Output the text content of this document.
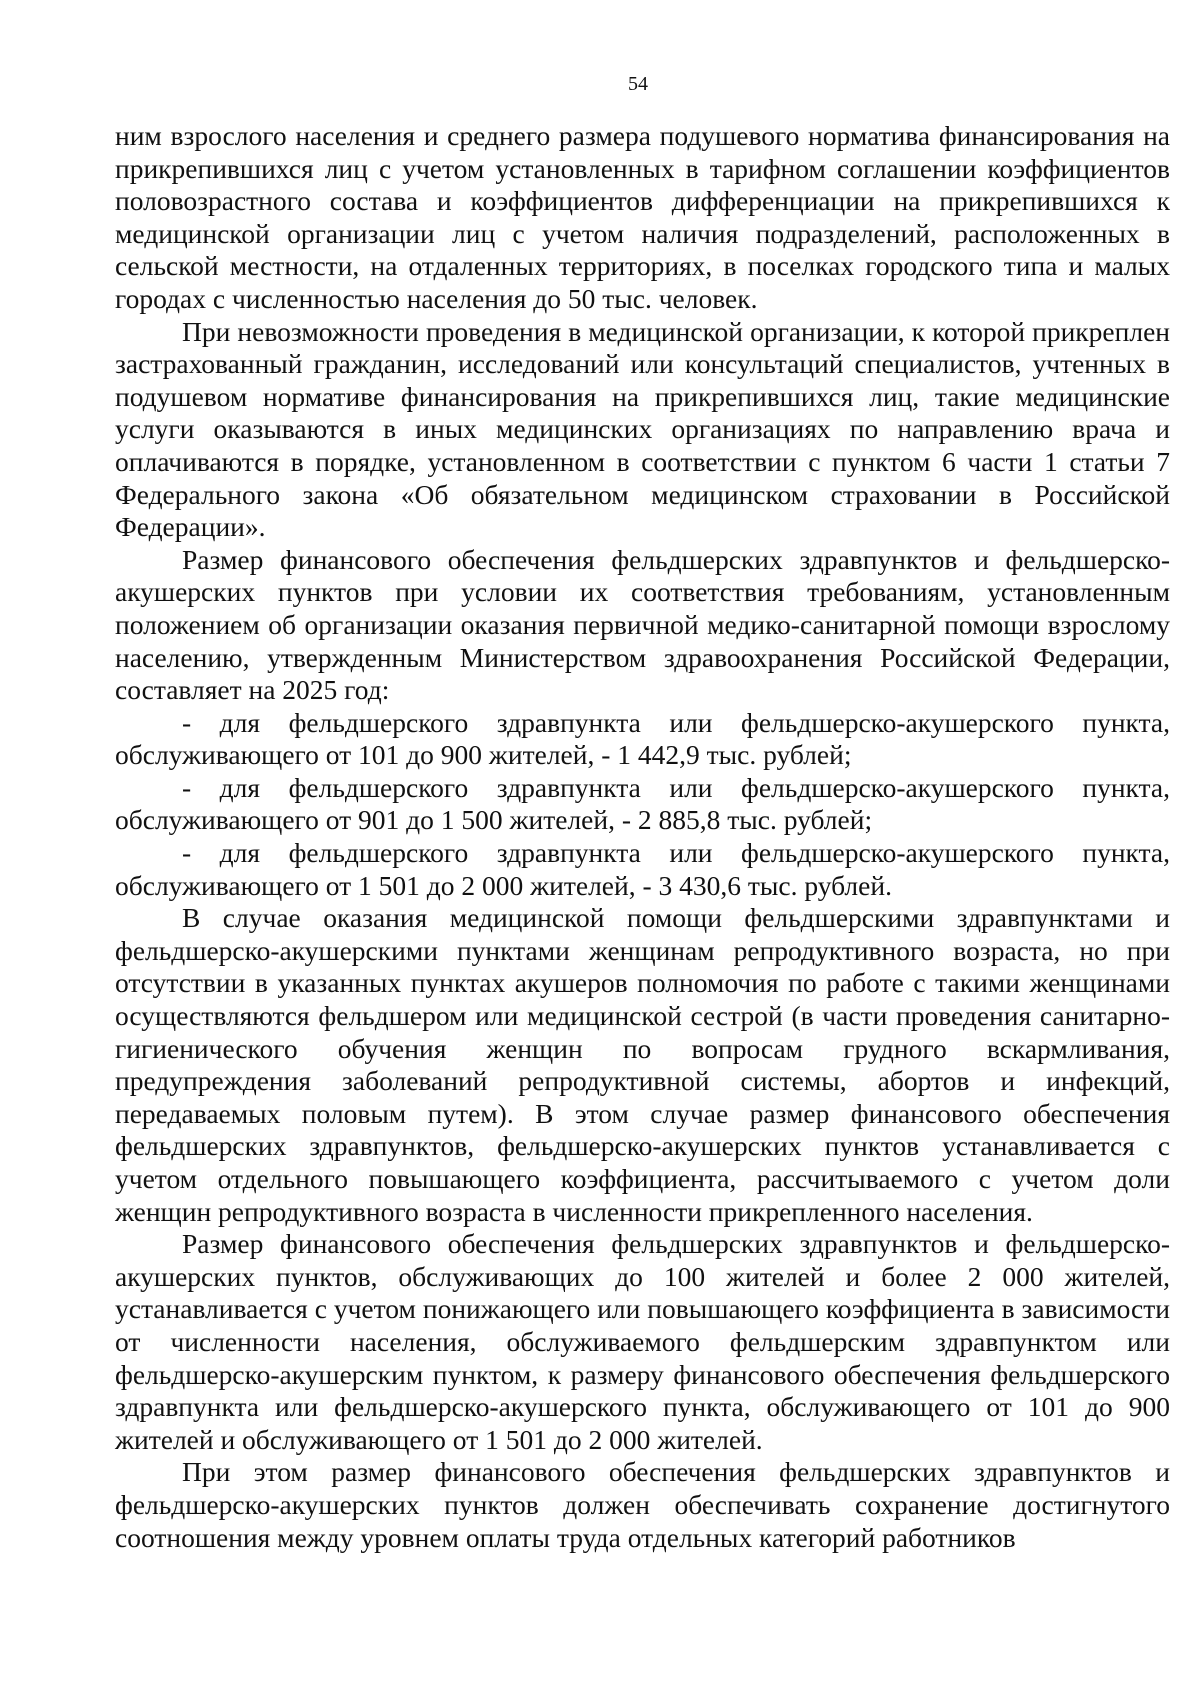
54

ним взрослого населения и среднего размера подушевого норматива финансирования на прикрепившихся лиц с учетом установленных в тарифном соглашении коэффициентов половозрастного состава и коэффициентов дифференциации на прикрепившихся к медицинской организации лиц с учетом наличия подразделений, расположенных в сельской местности, на отдаленных территориях, в поселках городского типа и малых городах с численностью населения до 50 тыс. человек.

При невозможности проведения в медицинской организации, к которой прикреплен застрахованный гражданин, исследований или консультаций специалистов, учтенных в подушевом нормативе финансирования на прикрепившихся лиц, такие медицинские услуги оказываются в иных медицинских организациях по направлению врача и оплачиваются в порядке, установленном в соответствии с пунктом 6 части 1 статьи 7 Федерального закона «Об обязательном медицинском страховании в Российской Федерации».

Размер финансового обеспечения фельдшерских здравпунктов и фельдшерско-акушерских пунктов при условии их соответствия требованиям, установленным положением об организации оказания первичной медико-санитарной помощи взрослому населению, утвержденным Министерством здравоохранения Российской Федерации, составляет на 2025 год:

- для фельдшерского здравпункта или фельдшерско-акушерского пункта, обслуживающего от 101 до 900 жителей, - 1 442,9 тыс. рублей;

- для фельдшерского здравпункта или фельдшерско-акушерского пункта, обслуживающего от 901 до 1 500 жителей, - 2 885,8 тыс. рублей;

- для фельдшерского здравпункта или фельдшерско-акушерского пункта, обслуживающего от 1 501 до 2 000 жителей, - 3 430,6 тыс. рублей.

В случае оказания медицинской помощи фельдшерскими здравпунктами и фельдшерско-акушерскими пунктами женщинам репродуктивного возраста, но при отсутствии в указанных пунктах акушеров полномочия по работе с такими женщинами осуществляются фельдшером или медицинской сестрой (в части проведения санитарно-гигиенического обучения женщин по вопросам грудного вскармливания, предупреждения заболеваний репродуктивной системы, абортов и инфекций, передаваемых половым путем). В этом случае размер финансового обеспечения фельдшерских здравпунктов, фельдшерско-акушерских пунктов устанавливается с учетом отдельного повышающего коэффициента, рассчитываемого с учетом доли женщин репродуктивного возраста в численности прикрепленного населения.

Размер финансового обеспечения фельдшерских здравпунктов и фельдшерско-акушерских пунктов, обслуживающих до 100 жителей и более 2 000 жителей, устанавливается с учетом понижающего или повышающего коэффициента в зависимости от численности населения, обслуживаемого фельдшерским здравпунктом или фельдшерско-акушерским пунктом, к размеру финансового обеспечения фельдшерского здравпункта или фельдшерско-акушерского пункта, обслуживающего от 101 до 900 жителей и обслуживающего от 1 501 до 2 000 жителей.

При этом размер финансового обеспечения фельдшерских здравпунктов и фельдшерско-акушерских пунктов должен обеспечивать сохранение достигнутого соотношения между уровнем оплаты труда отдельных категорий работников
